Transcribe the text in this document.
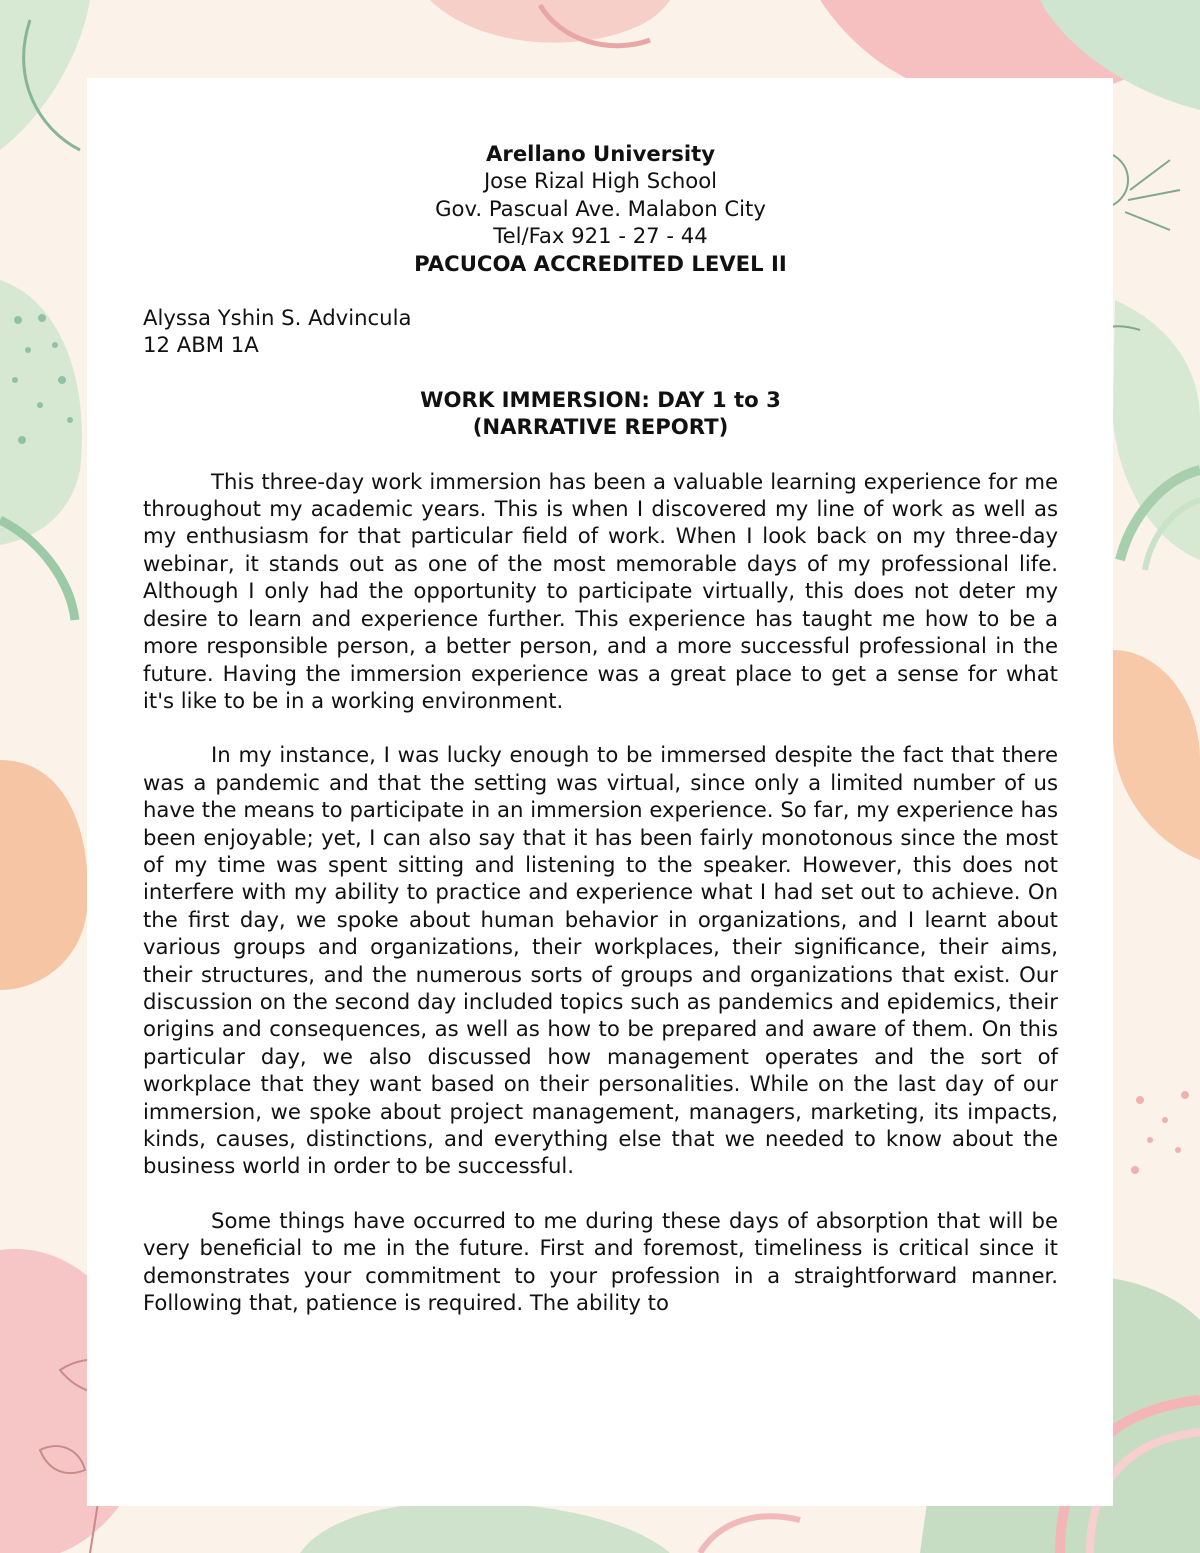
Arellano University
Jose Rizal High School
Gov. Pascual Ave. Malabon City
Tel/Fax 921 - 27 - 44
PACUCOA ACCREDITED LEVEL II
Alyssa Yshin S. Advincula
12 ABM 1A
WORK IMMERSION: DAY 1 to 3
(NARRATIVE REPORT)

This three-day work immersion has been a valuable learning experience for me throughout my academic years. This is when I discovered my line of work as well as my enthusiasm for that particular field of work. When I look back on my three-day webinar, it stands out as one of the most memorable days of my professional life. Although I only had the opportunity to participate virtually, this does not deter my desire to learn and experience further. This experience has taught me how to be a more responsible person, a better person, and a more successful professional in the future. Having the immersion experience was a great place to get a sense for what it's like to be in a working environment.

In my instance, I was lucky enough to be immersed despite the fact that there was a pandemic and that the setting was virtual, since only a limited number of us have the means to participate in an immersion experience. So far, my experience has been enjoyable; yet, I can also say that it has been fairly monotonous since the most of my time was spent sitting and listening to the speaker. However, this does not interfere with my ability to practice and experience what I had set out to achieve. On the first day, we spoke about human behavior in organizations, and I learnt about various groups and organizations, their workplaces, their significance, their aims, their structures, and the numerous sorts of groups and organizations that exist. Our discussion on the second day included topics such as pandemics and epidemics, their origins and consequences, as well as how to be prepared and aware of them. On this particular day, we also discussed how management operates and the sort of workplace that they want based on their personalities. While on the last day of our immersion, we spoke about project management, managers, marketing, its impacts, kinds, causes, distinctions, and everything else that we needed to know about the business world in order to be successful.

Some things have occurred to me during these days of absorption that will be very beneficial to me in the future. First and foremost, timeliness is critical since it demonstrates your commitment to your profession in a straightforward manner. Following that, patience is required. The ability to
